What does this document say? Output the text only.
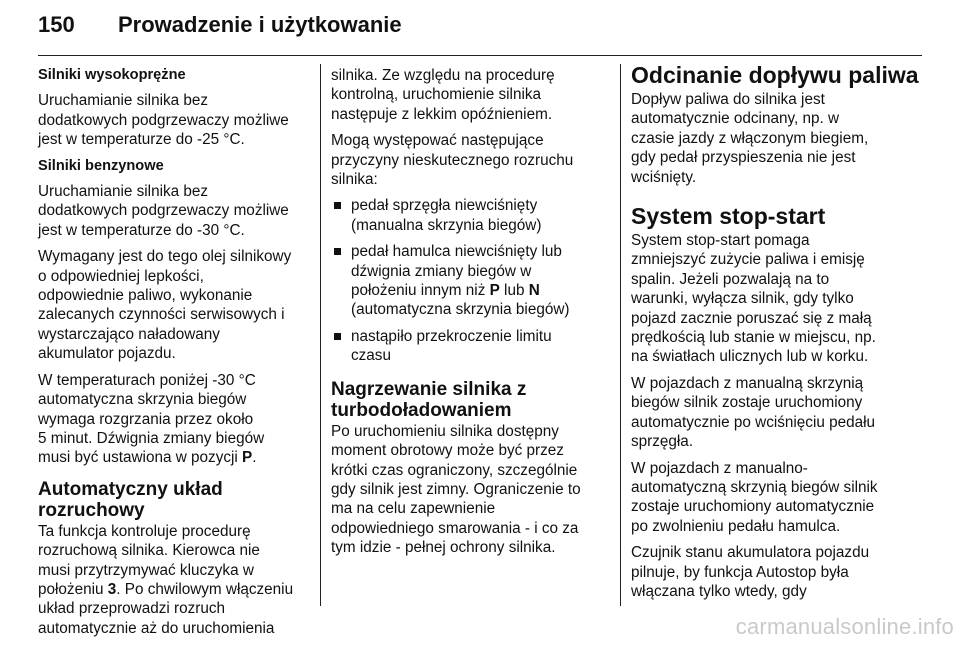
150 Prowadzenie i użytkowanie
Silniki wysokoprężne

Uruchamianie silnika bez
dodatkowych podgrzewaczy możliwe
jest w temperaturze do -25 °C.

Silniki benzynowe

Uruchamianie silnika bez
dodatkowych podgrzewaczy możliwe
jest w temperaturze do -30 °C.

Wymagany jest do tego olej silnikowy
o odpowiedniej lepkości,
odpowiednie paliwo, wykonanie
zalecanych czynności serwisowych i
wystarczająco naładowany
akumulator pojazdu.

W temperaturach poniżej -30 °C
automatyczna skrzynia biegów
wymaga rozgrzania przez około
5 minut. Dźwignia zmiany biegów
musi być ustawiona w pozycji P.

Automatyczny układ
rozruchowy

Ta funkcja kontroluje procedurę
rozruchową silnika. Kierowca nie
musi przytrzymywać kluczyka w
położeniu 3. Po chwilowym włączeniu
układ przeprowadzi rozruch
automatycznie aż do uruchomienia

silnika. Ze względu na procedurę
kontrolną, uruchomienie silnika
następuje z lekkim opóźnieniem.

Mogą występować następujące
przyczyny nieskutecznego rozruchu
silnika:

pedał sprzęgła niewciśnięty
(manualna skrzynia biegów)
pedał hamulca niewciśnięty lub
dźwignia zmiany biegów w
położeniu innym niż P lub N
(automatyczna skrzynia biegów)
nastąpiło przekroczenie limitu
czasu
Nagrzewanie silnika z
turbodoładowaniem

Po uruchomieniu silnika dostępny
moment obrotowy może być przez
krótki czas ograniczony, szczególnie
gdy silnik jest zimny. Ograniczenie to
ma na celu zapewnienie
odpowiedniego smarowania - i co za
tym idzie - pełnej ochrony silnika.

Odcinanie dopływu paliwa

Dopływ paliwa do silnika jest
automatycznie odcinany, np. w
czasie jazdy z włączonym biegiem,
gdy pedał przyspieszenia nie jest
wciśnięty.

System stop-start

System stop-start pomaga
zmniejszyć zużycie paliwa i emisję
spalin. Jeżeli pozwalają na to
warunki, wyłącza silnik, gdy tylko
pojazd zacznie poruszać się z małą
prędkością lub stanie w miejscu, np.
na światłach ulicznych lub w korku.

W pojazdach z manualną skrzynią
biegów silnik zostaje uruchomiony
automatycznie po wciśnięciu pedału
sprzęgła.

W pojazdach z manualno-
automatyczną skrzynią biegów silnik
zostaje uruchomiony automatycznie
po zwolnieniu pedału hamulca.

Czujnik stanu akumulatora pojazdu
pilnuje, by funkcja Autostop była
włączana tylko wtedy, gdy

carmanualsonline.info
